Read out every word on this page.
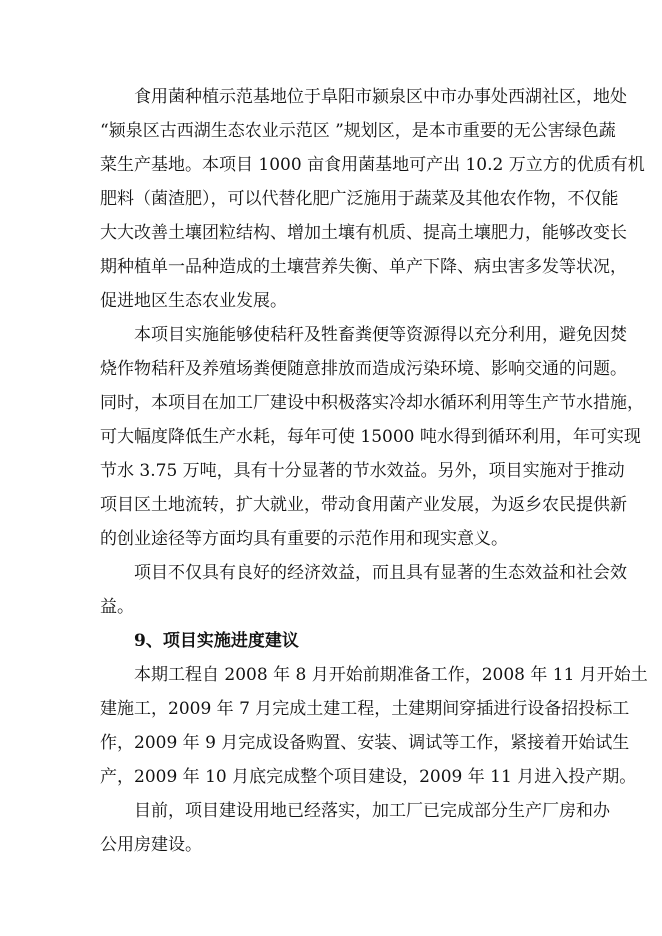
食用菌种植示范基地位于阜阳市颍泉区中市办事处西湖社区，地处
“颍泉区古西湖生态农业示范区 ”规划区，是本市重要的无公害绿色蔬
菜生产基地。本项目 1000 亩食用菌基地可产出 10.2 万立方的优质有机
肥料（菌渣肥），可以代替化肥广泛施用于蔬菜及其他农作物，不仅能
大大改善土壤团粒结构、增加土壤有机质、提高土壤肥力，能够改变长
期种植单一品种造成的土壤营养失衡、单产下降、病虫害多发等状况，
促进地区生态农业发展。
本项目实施能够使秸秆及牲畜粪便等资源得以充分利用，避免因焚
烧作物秸秆及养殖场粪便随意排放而造成污染环境、影响交通的问题。
同时，本项目在加工厂建设中积极落实冷却水循环利用等生产节水措施，
可大幅度降低生产水耗，每年可使 15000 吨水得到循环利用，年可实现
节水 3.75 万吨，具有十分显著的节水效益。另外，项目实施对于推动
项目区土地流转，扩大就业，带动食用菌产业发展，为返乡农民提供新
的创业途径等方面均具有重要的示范作用和现实意义。
项目不仅具有良好的经济效益，而且具有显著的生态效益和社会效
益。
9、项目实施进度建议
本期工程自 2008 年 8 月开始前期准备工作，2008 年 11 月开始土
建施工，2009 年 7 月完成土建工程，土建期间穿插进行设备招投标工
作，2009 年 9 月完成设备购置、安装、调试等工作，紧接着开始试生
产，2009 年 10 月底完成整个项目建设，2009 年 11 月进入投产期。
目前，项目建设用地已经落实，加工厂已完成部分生产厂房和办
公用房建设。
